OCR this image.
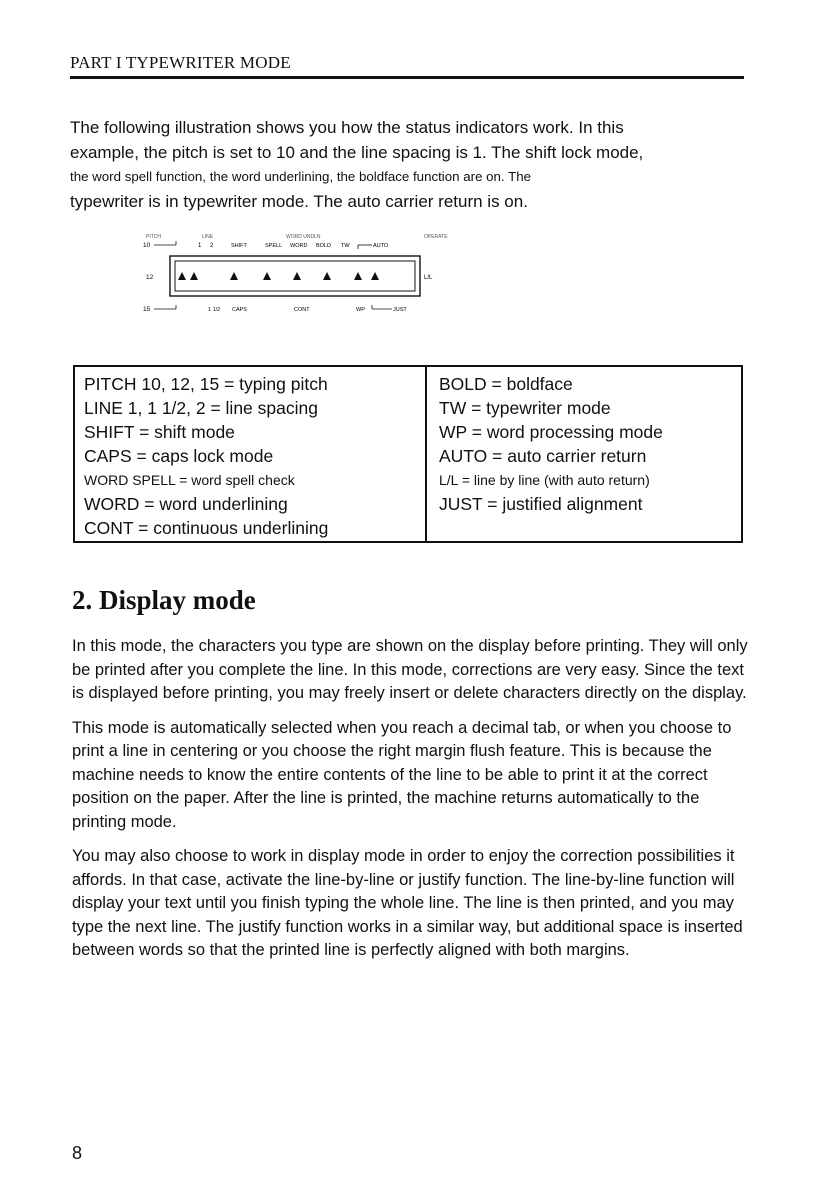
PART I TYPEWRITER MODE
The following illustration shows you how the status indicators work. In this
example, the pitch is set to 10 and the line spacing is 1. The shift lock mode,
the word spell function, the word underlining, the boldface function are on. The
typewriter is in typewriter mode. The auto carrier return is on.
PITCH	LINE	WORD UNDLN	OPERATE
10	1 2	SHIFT	SPELL WORD BOLD TW	AUTO
12	L/L
15	1 1/2 CAPS	CONT	WP	JUST
PITCH 10, 12, 15 = typing pitch
LINE 1, 1 1/2, 2 = line spacing
SHIFT = shift mode
CAPS = caps lock mode
WORD SPELL = word spell check
WORD = word underlining
CONT = continuous underlining
BOLD = boldface
TW = typewriter mode
WP = word processing mode
AUTO = auto carrier return
L/L = line by line (with auto return)
JUST = justified alignment
2. Display mode

In this mode, the characters you type are shown on the display before printing. They will only be printed after you complete the line. In this mode, corrections are very easy. Since the text is displayed before printing, you may freely insert or delete characters directly on the display.

This mode is automatically selected when you reach a decimal tab, or when you choose to print a line in centering or you choose the right margin flush feature. This is because the machine needs to know the entire contents of the line to be able to print it at the correct position on the paper. After the line is printed, the machine returns automatically to the printing mode.

You may also choose to work in display mode in order to enjoy the correction possibilities it affords. In that case, activate the line-by-line or justify function. The line-by-line function will display your text until you finish typing the whole line. The line is then printed, and you may type the next line. The justify function works in a similar way, but additional space is inserted between words so that the printed line is perfectly aligned with both margins.

8
